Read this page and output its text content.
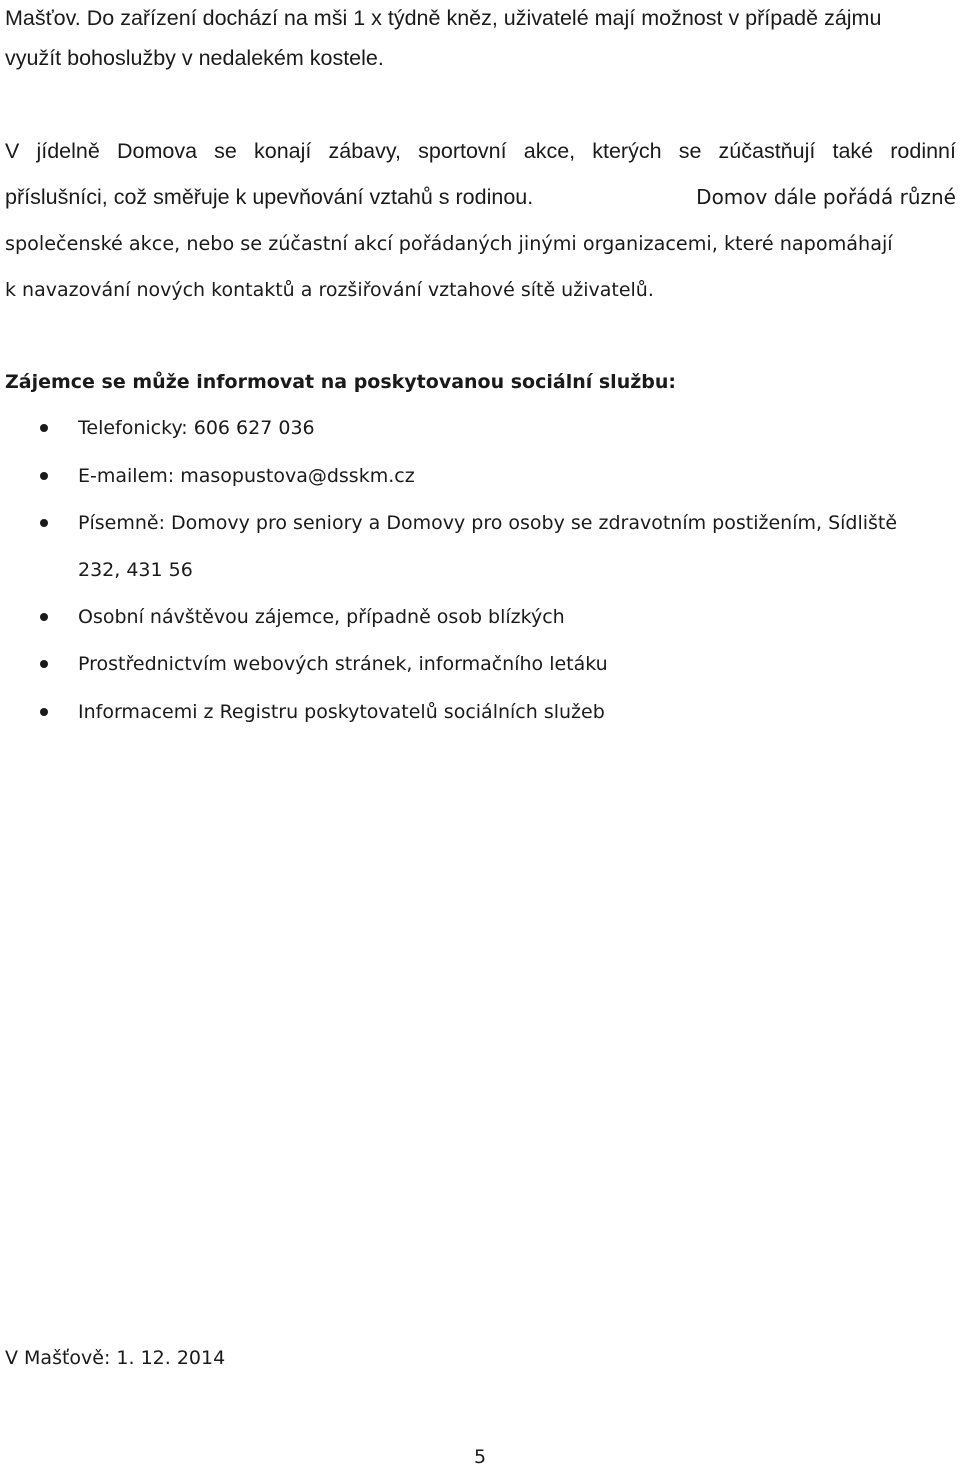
Mašťov. Do zařízení dochází na mši 1 x týdně kněz, uživatelé mají možnost v případě zájmu
využít bohoslužby v nedalekém kostele.
V jídelně Domova se konají zábavy, sportovní akce, kterých se zúčastňují také rodinní
příslušníci, což směřuje k upevňování vztahů s rodinou.	Domov dále pořádá různé
společenské akce, nebo se zúčastní akcí pořádaných jinými organizacemi, které napomáhají
k navazování nových kontaktů a rozšiřování vztahové sítě uživatelů.
Zájemce se může informovat na poskytovanou sociální službu:
Telefonicky: 606 627 036
E-mailem: masopustova@dsskm.cz
Písemně: Domovy pro seniory a Domovy pro osoby se zdravotním postižením, Sídliště
232, 431 56
Osobní návštěvou zájemce, případně osob blízkých
Prostřednictvím webových stránek, informačního letáku
Informacemi z Registru poskytovatelů sociálních služeb
V Mašťově: 1. 12. 2014
5
